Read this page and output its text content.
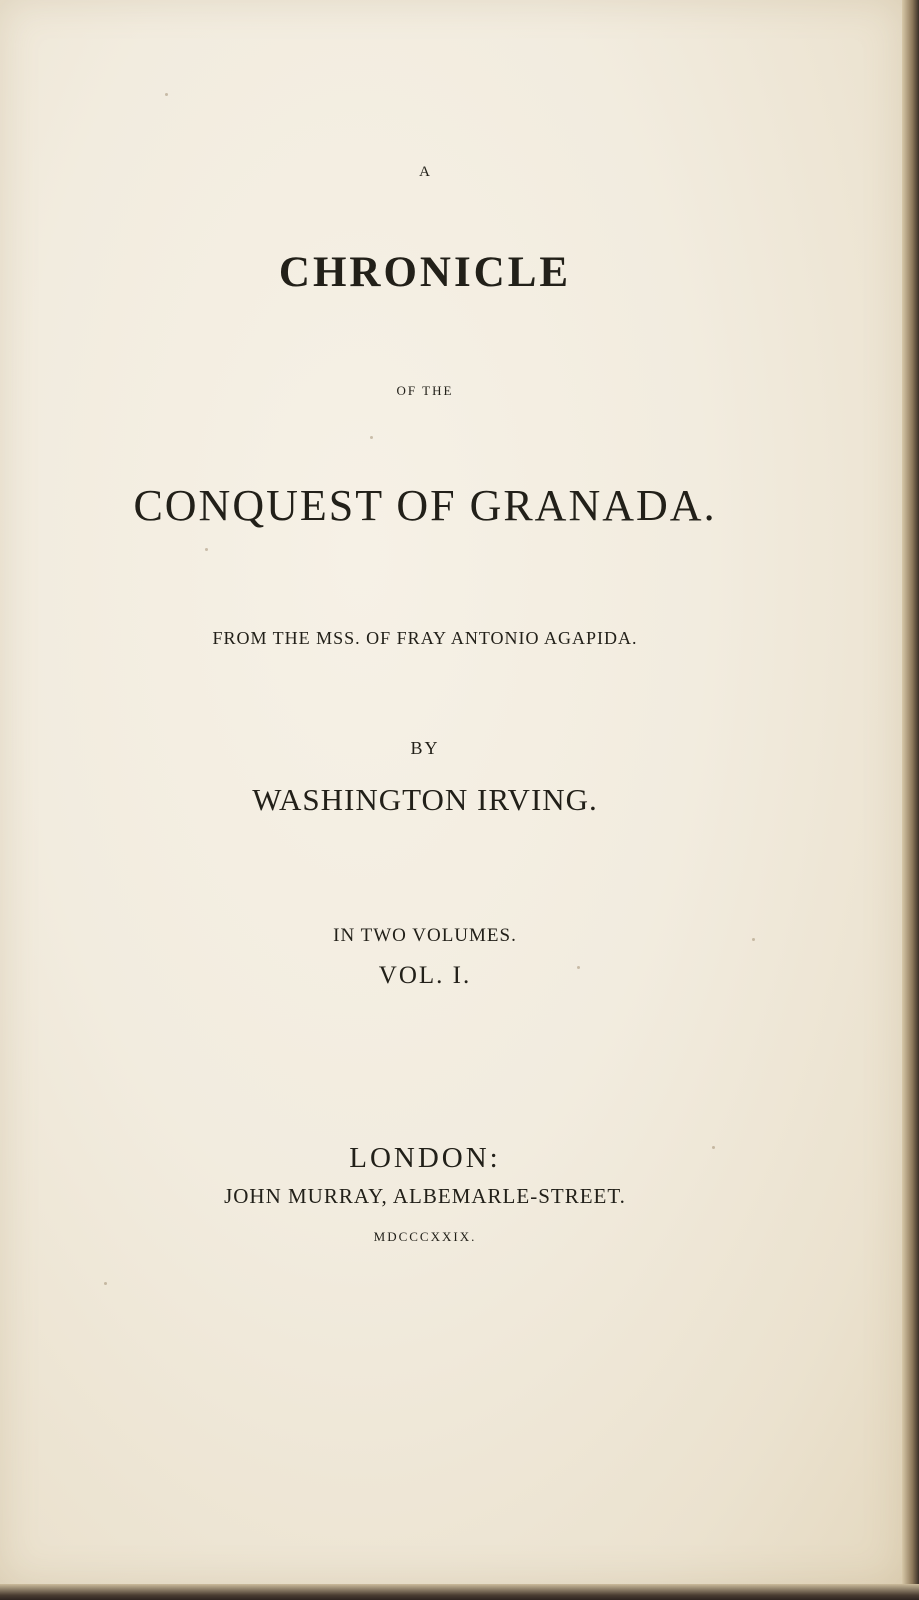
A
CHRONICLE
OF THE
CONQUEST OF GRANADA.
FROM THE MSS. OF FRAY ANTONIO AGAPIDA.
BY
WASHINGTON IRVING.
IN TWO VOLUMES.
VOL. I.
LONDON:
JOHN MURRAY, ALBEMARLE-STREET.
MDCCCXXIX.
